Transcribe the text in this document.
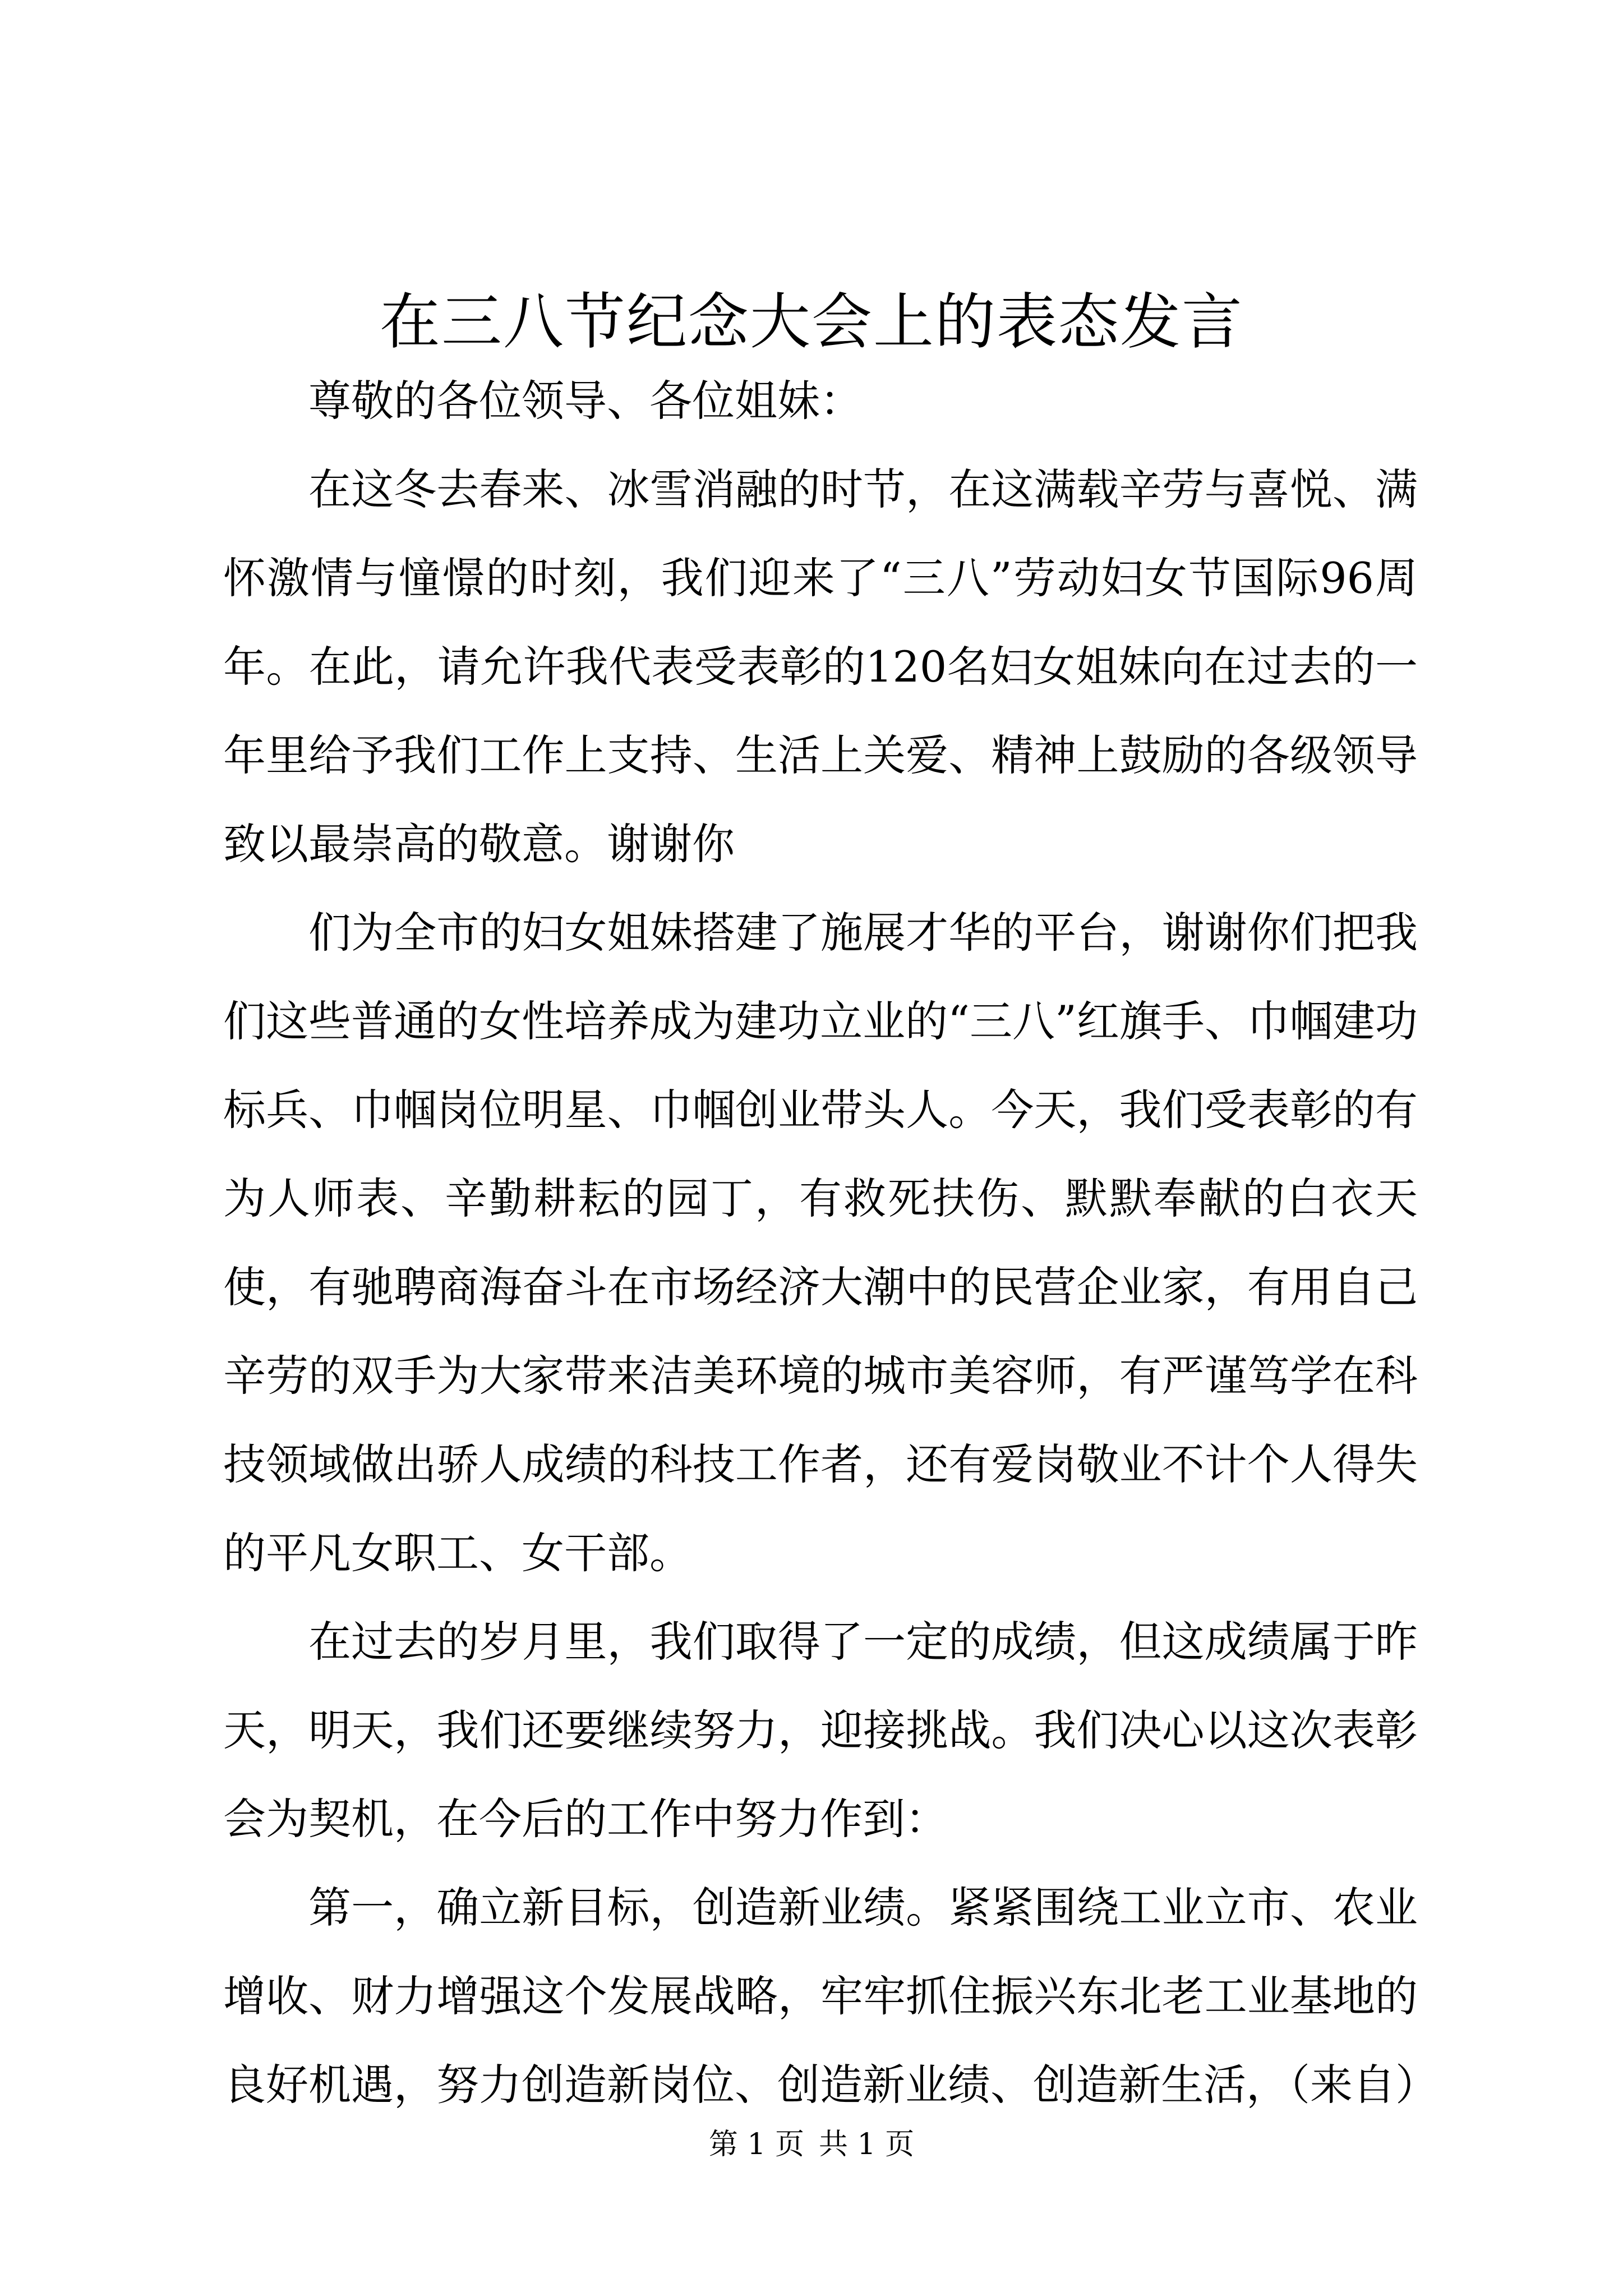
在三八节纪念大会上的表态发言

尊敬的各位领导、各位姐妹：

在这冬去春来、冰雪消融的时节，在这满载辛劳与喜悦、满怀激情与憧憬的时刻，我们迎来了“三八”劳动妇女节国际96周年。在此，请允许我代表受表彰的120名妇女姐妹向在过去的一年里给予我们工作上支持、生活上关爱、精神上鼓励的各级领导致以最崇高的敬意。谢谢你

们为全市的妇女姐妹搭建了施展才华的平台，谢谢你们把我们这些普通的女性培养成为建功立业的“三八”红旗手、巾帼建功标兵、巾帼岗位明星、巾帼创业带头人。今天，我们受表彰的有为人师表、辛勤耕耘的园丁，有救死扶伤、默默奉献的白衣天使，有驰聘商海奋斗在市场经济大潮中的民营企业家，有用自己辛劳的双手为大家带来洁美环境的城市美容师，有严谨笃学在科技领域做出骄人成绩的科技工作者，还有爱岗敬业不计个人得失的平凡女职工、女干部。

在过去的岁月里，我们取得了一定的成绩，但这成绩属于昨天，明天，我们还要继续努力，迎接挑战。我们决心以这次表彰会为契机，在今后的工作中努力作到：

第一，确立新目标，创造新业绩。紧紧围绕工业立市、农业增收、财力增强这个发展战略，牢牢抓住振兴东北老工业基地的良好机遇，努力创造新岗位、创造新业绩、创造新生活，（来自）

第 1 页 共 1 页
